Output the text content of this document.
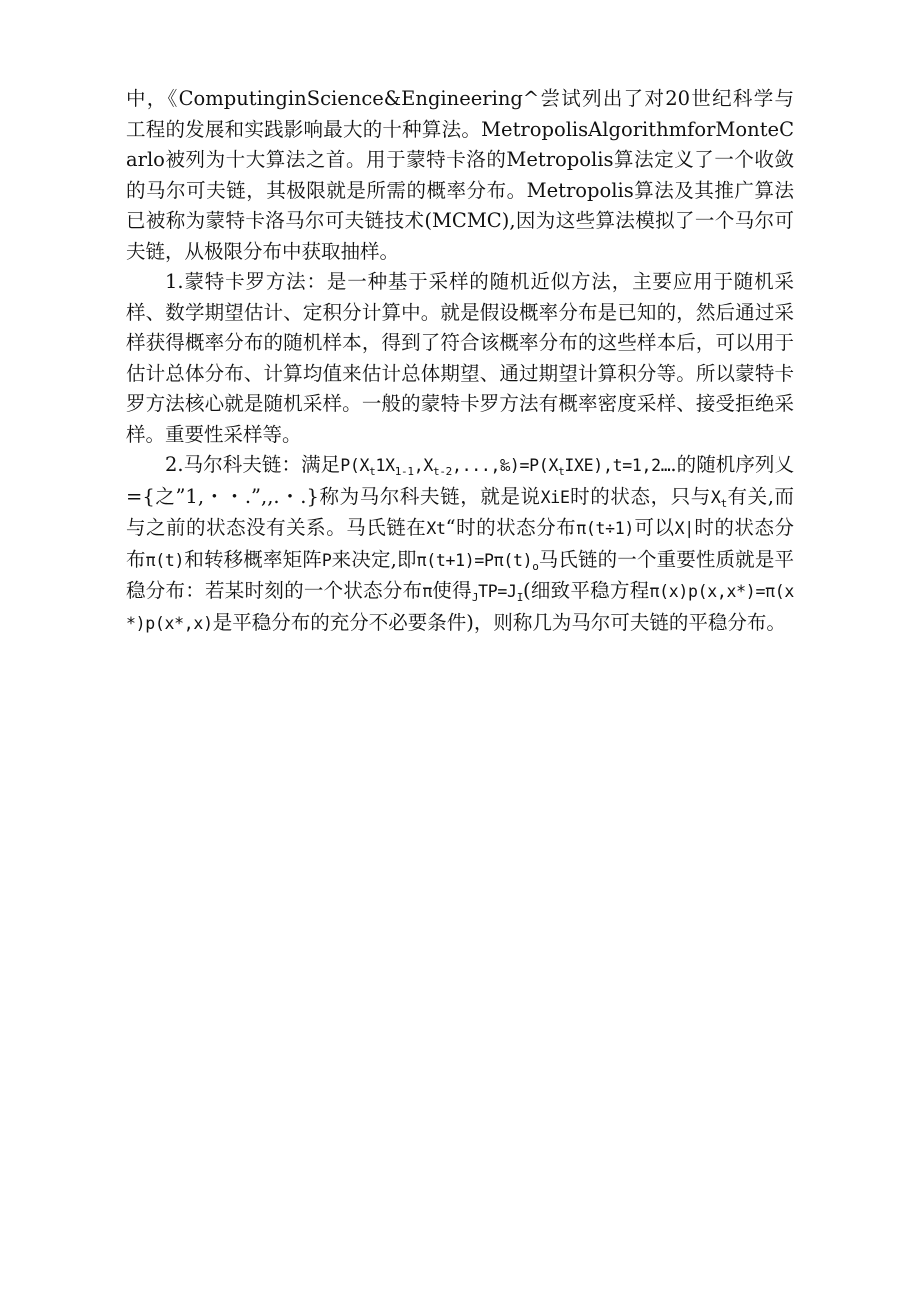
中，《ComputinginScience&Engineering^尝试列出了对20世纪科学与工程的发展和实践影响最大的十种算法。MetropolisAlgorithmforMonteCarlo被列为十大算法之首。用于蒙特卡洛的Metropolis算法定义了一个收敛的马尔可夫链，其极限就是所需的概率分布。Metropolis算法及其推广算法已被称为蒙特卡洛马尔可夫链技术(MCMC),因为这些算法模拟了一个马尔可夫链，从极限分布中获取抽样。

1.蒙特卡罗方法：是一种基于采样的随机近似方法，主要应用于随机采样、数学期望估计、定积分计算中。就是假设概率分布是已知的，然后通过采样获得概率分布的随机样本，得到了符合该概率分布的这些样本后，可以用于估计总体分布、计算均值来估计总体期望、通过期望计算积分等。所以蒙特卡罗方法核心就是随机采样。一般的蒙特卡罗方法有概率密度采样、接受拒绝采样。重要性采样等。

2.马尔科夫链：满足$P(X_t1X_{1-1},X_{t-2},...,‰)=P(X_tIXE),t=1,2\dots$.的随机序列乂={之”1,・・.”,,.・.}称为马尔科夫链，就是说XiE时的状态，只与$X_t$有关,而与之前的状态没有关系。马氏链在Xt“时的状态分布π(t÷1)可以X|时的状态分布π(t)和转移概率矩阵P来决定,即$\pi(t+1)=P\pi(t)_o$马氏链的一个重要性质就是平稳分布：若某时刻的一个状态分布π使得$_JTP=J_I$(细致平稳方程π(x)p(x,x*)=π(x*)p(x*,x)是平稳分布的充分不必要条件)，则称几为马尔可夫链的平稳分布。
